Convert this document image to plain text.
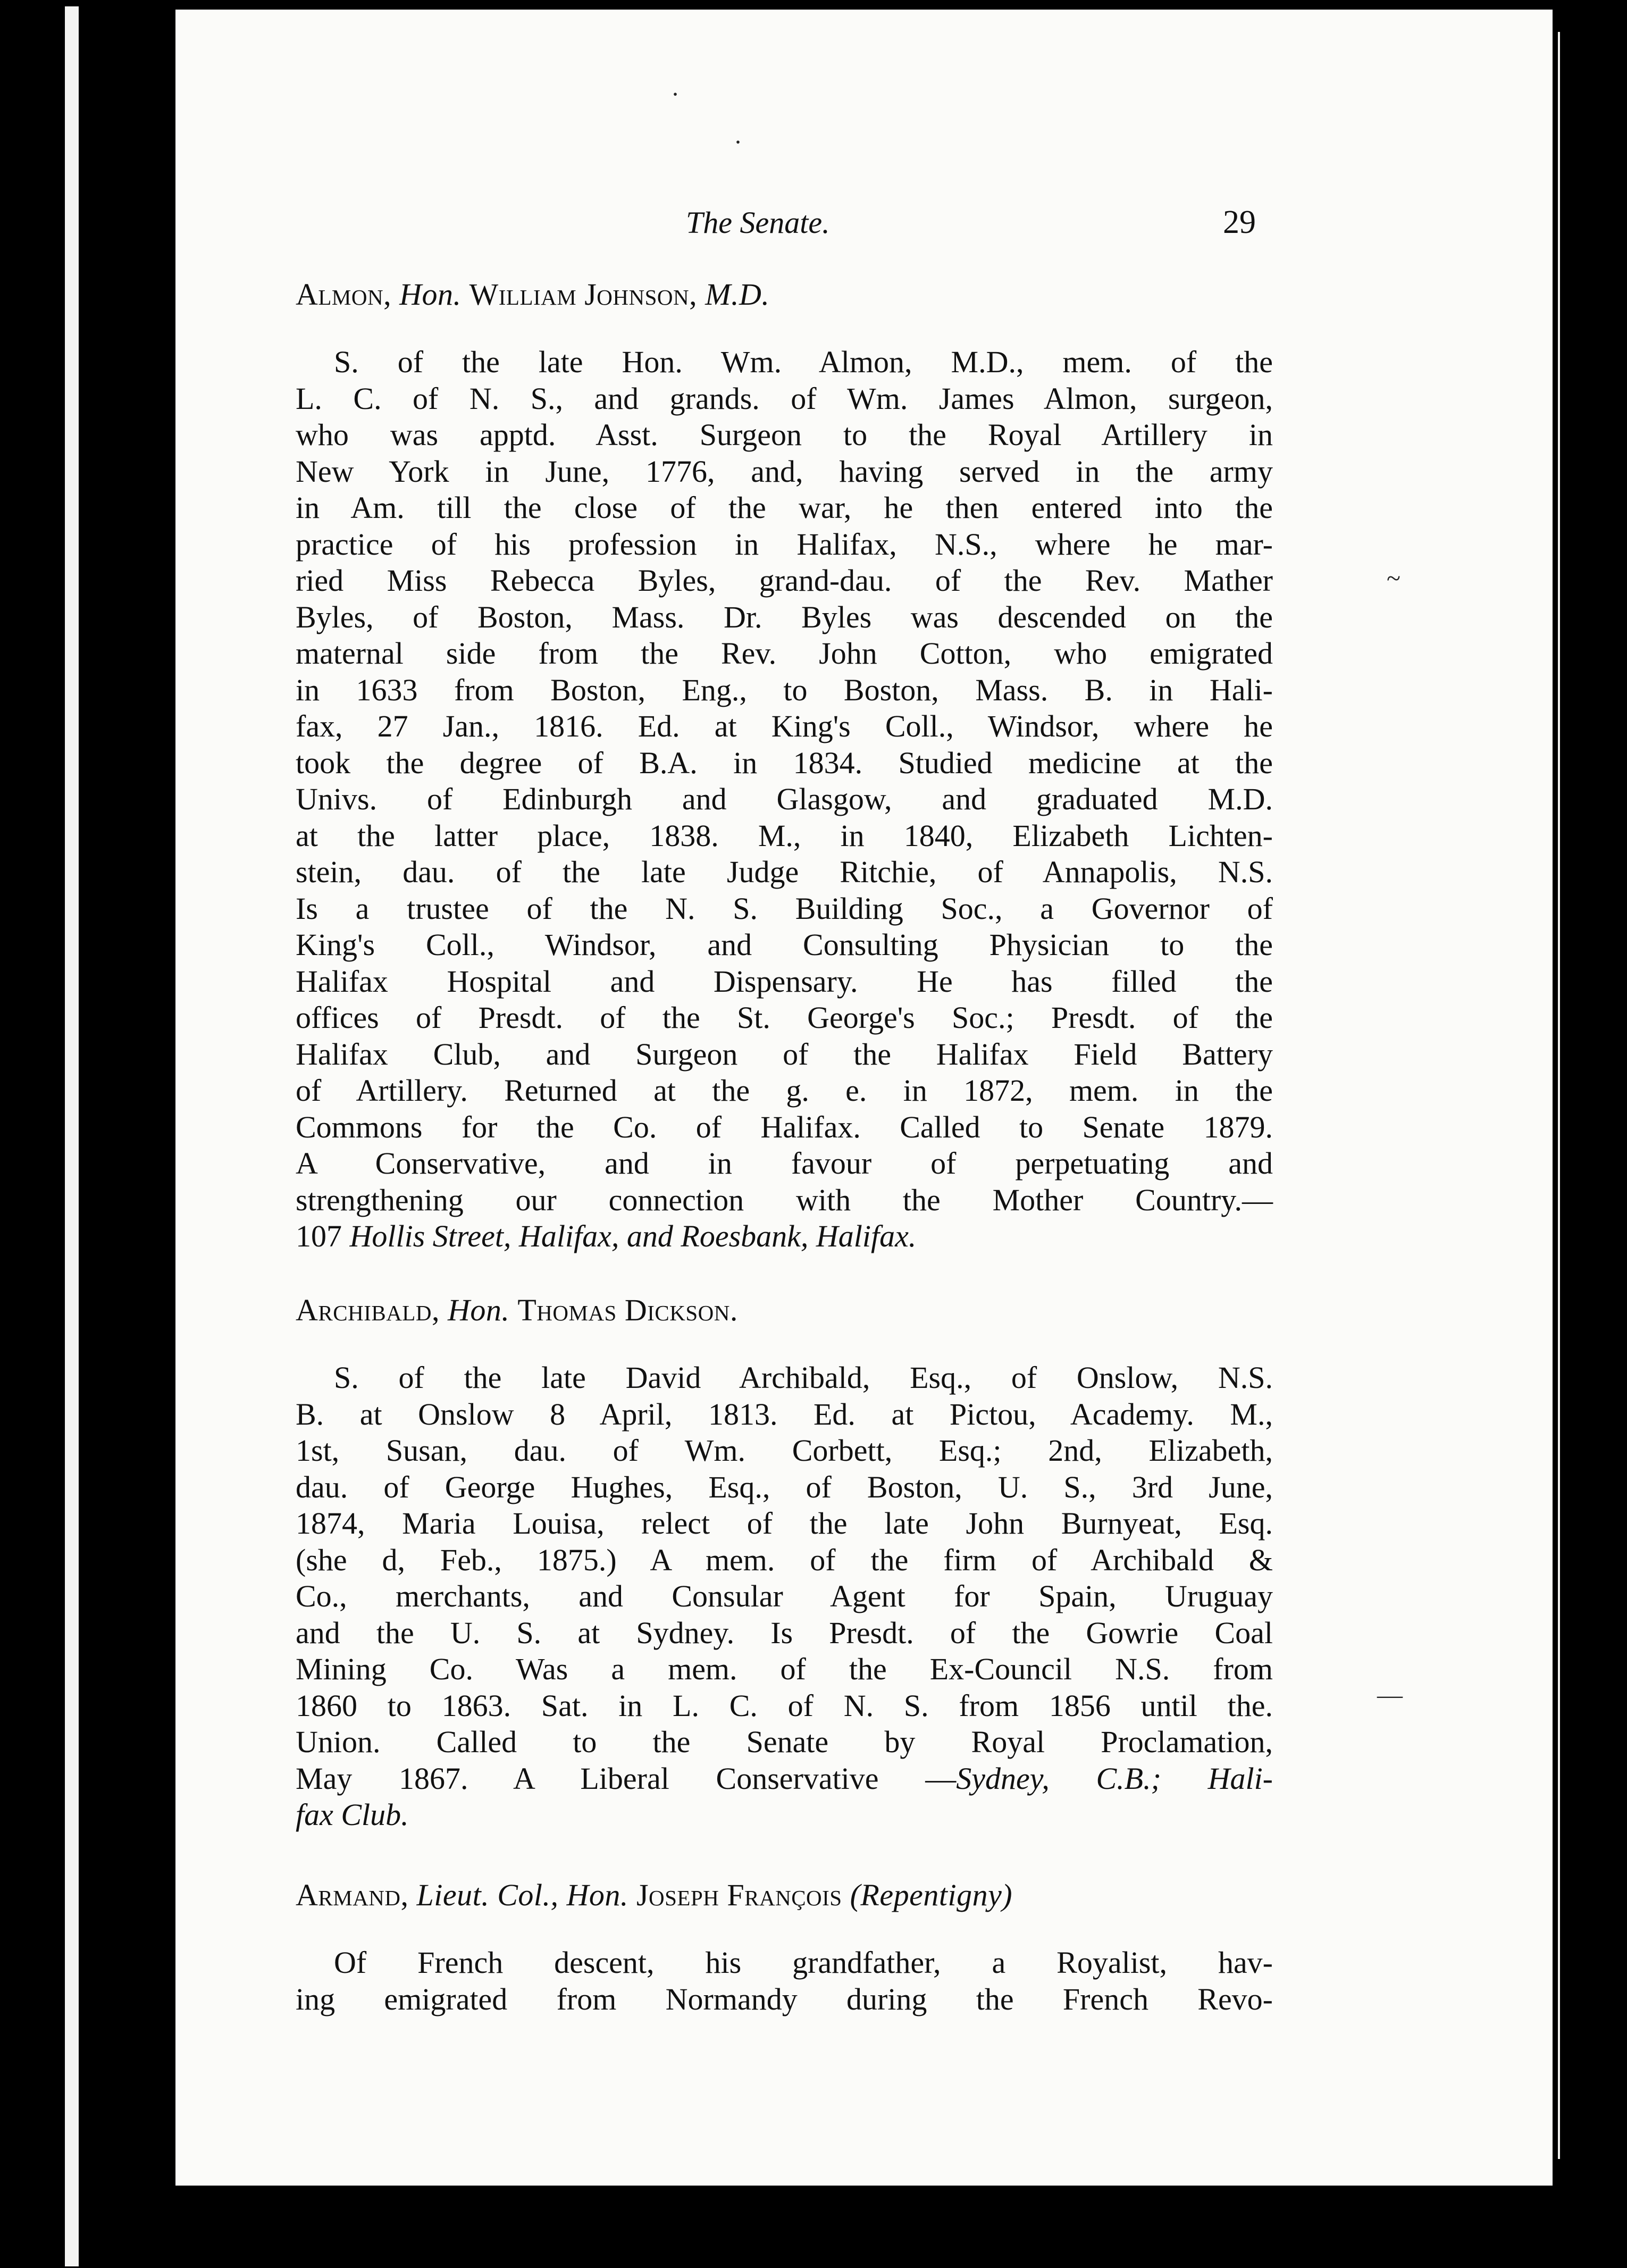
The Senate.	29
Almon, Hon. William Johnson, M.D.
S. of the late Hon. Wm. Almon, M.D., mem. of the
L. C. of N. S., and grands. of Wm. James Almon, surgeon,
who was apptd. Asst. Surgeon to the Royal Artillery in
New York in June, 1776, and, having served in the army
in Am. till the close of the war, he then entered into the
practice of his profession in Halifax, N.S., where he mar-
ried Miss Rebecca Byles, grand-dau. of the Rev. Mather
Byles, of Boston, Mass. Dr. Byles was descended on the
maternal side from the Rev. John Cotton, who emigrated
in 1633 from Boston, Eng., to Boston, Mass. B. in Hali-
fax, 27 Jan., 1816. Ed. at King's Coll., Windsor, where he
took the degree of B.A. in 1834. Studied medicine at the
Univs. of Edinburgh and Glasgow, and graduated M.D.
at the latter place, 1838. M., in 1840, Elizabeth Lichten-
stein, dau. of the late Judge Ritchie, of Annapolis, N.S.
Is a trustee of the N. S. Building Soc., a Governor of
King's Coll., Windsor, and Consulting Physician to the
Halifax Hospital and Dispensary. He has filled the
offices of Presdt. of the St. George's Soc.; Presdt. of the
Halifax Club, and Surgeon of the Halifax Field Battery
of Artillery. Returned at the g. e. in 1872, mem. in the
Commons for the Co. of Halifax. Called to Senate 1879.
A Conservative, and in favour of perpetuating and
strengthening our connection with the Mother Country.—
107 Hollis Street, Halifax, and Roesbank, Halifax.
Archibald, Hon. Thomas Dickson.
S. of the late David Archibald, Esq., of Onslow, N.S.
B. at Onslow 8 April, 1813. Ed. at Pictou, Academy. M.,
1st, Susan, dau. of Wm. Corbett, Esq.; 2nd, Elizabeth,
dau. of George Hughes, Esq., of Boston, U. S., 3rd June,
1874, Maria Louisa, relect of the late John Burnyeat, Esq.
(she d, Feb., 1875.) A mem. of the firm of Archibald &
Co., merchants, and Consular Agent for Spain, Uruguay
and the U. S. at Sydney. Is Presdt. of the Gowrie Coal
Mining Co. Was a mem. of the Ex-Council N.S. from
1860 to 1863. Sat. in L. C. of N. S. from 1856 until the.
Union. Called to the Senate by Royal Proclamation,
May 1867. A Liberal Conservative —Sydney, C.B.; Hali-
fax Club.
Armand, Lieut. Col., Hon. Joseph François (Repentigny)
Of French descent, his grandfather, a Royalist, hav-
ing emigrated from Normandy during the French Revo-
·
·
~
—
